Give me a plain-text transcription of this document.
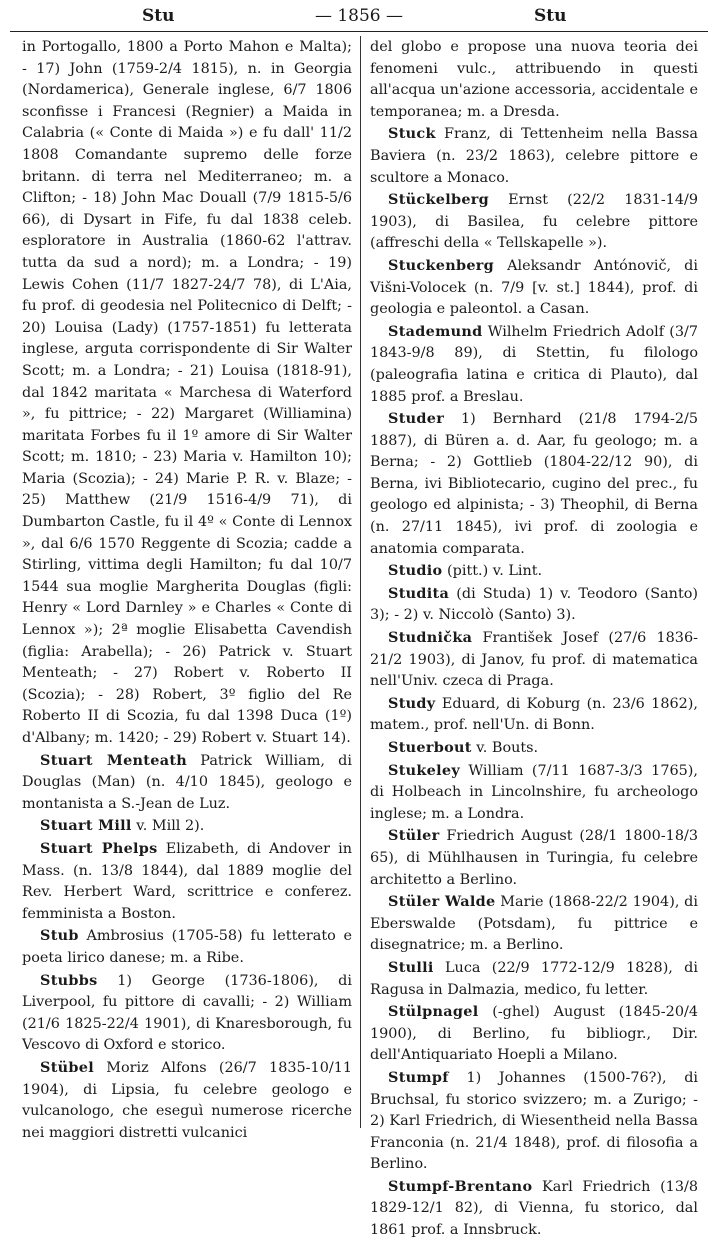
Stu	— 1856 —	Stu

in Portogallo, 1800 a Porto Mahon e Malta); - 17) John (1759-2/4 1815), n. in Georgia (Nordamerica), Generale inglese, 6/7 1806 sconfisse i Francesi (Regnier) a Maida in Calabria (« Conte di Maida ») e fu dall' 11/2 1808 Comandante supremo delle forze britann. di terra nel Mediterraneo; m. a Clifton; - 18) John Mac Douall (7/9 1815-5/6 66), di Dysart in Fife, fu dal 1838 celeb. esploratore in Australia (1860-62 l'attrav. tutta da sud a nord); m. a Londra; - 19) Lewis Cohen (11/7 1827-24/7 78), di L'Aia, fu prof. di geodesia nel Politecnico di Delft; - 20) Louisa (Lady) (1757-1851) fu letterata inglese, arguta corrispondente di Sir Walter Scott; m. a Londra; - 21) Louisa (1818-91), dal 1842 maritata « Marchesa di Waterford », fu pittrice; - 22) Margaret (Williamina) maritata Forbes fu il 1º amore di Sir Walter Scott; m. 1810; - 23) Maria v. Hamilton 10); Maria (Scozia); - 24) Marie P. R. v. Blaze; - 25) Matthew (21/9 1516-4/9 71), di Dumbarton Castle, fu il 4º « Conte di Lennox », dal 6/6 1570 Reggente di Scozia; cadde a Stirling, vittima degli Hamilton; fu dal 10/7 1544 sua moglie Margherita Douglas (figli: Henry « Lord Darnley » e Charles « Conte di Lennox »); 2ª moglie Elisabetta Cavendish (figlia: Arabella); - 26) Patrick v. Stuart Menteath; - 27) Robert v. Roberto II (Scozia); - 28) Robert, 3º figlio del Re Roberto II di Scozia, fu dal 1398 Duca (1º) d'Albany; m. 1420; - 29) Robert v. Stuart 14).

Stuart Menteath Patrick William, di Douglas (Man) (n. 4/10 1845), geologo e montanista a S.-Jean de Luz.

Stuart Mill v. Mill 2).

Stuart Phelps Elizabeth, di Andover in Mass. (n. 13/8 1844), dal 1889 moglie del Rev. Herbert Ward, scrittrice e conferez. femminista a Boston.

Stub Ambrosius (1705-58) fu letterato e poeta lirico danese; m. a Ribe.

Stubbs 1) George (1736-1806), di Liverpool, fu pittore di cavalli; - 2) William (21/6 1825-22/4 1901), di Knaresborough, fu Vescovo di Oxford e storico.

Stübel Moriz Alfons (26/7 1835-10/11 1904), di Lipsia, fu celebre geologo e vulcanologo, che eseguì numerose ricerche nei maggiori distretti vulcanici

del globo e propose una nuova teoria dei fenomeni vulc., attribuendo in questi all'acqua un'azione accessoria, accidentale e temporanea; m. a Dresda.

Stuck Franz, di Tettenheim nella Bassa Baviera (n. 23/2 1863), celebre pittore e scultore a Monaco.

Stückelberg Ernst (22/2 1831-14/9 1903), di Basilea, fu celebre pittore (affreschi della « Tellskapelle »).

Stuckenberg Aleksandr Antónovič, di Višni-Volocek (n. 7/9 [v. st.] 1844), prof. di geologia e paleontol. a Casan.

Stademund Wilhelm Friedrich Adolf (3/7 1843-9/8 89), di Stettin, fu filologo (paleografia latina e critica di Plauto), dal 1885 prof. a Breslau.

Studer 1) Bernhard (21/8 1794-2/5 1887), di Büren a. d. Aar, fu geologo; m. a Berna; - 2) Gottlieb (1804-22/12 90), di Berna, ivi Bibliotecario, cugino del prec., fu geologo ed alpinista; - 3) Theophil, di Berna (n. 27/11 1845), ivi prof. di zoologia e anatomia comparata.

Studio (pitt.) v. Lint.

Studita (di Studa) 1) v. Teodoro (Santo) 3); - 2) v. Niccolò (Santo) 3).

Studnička František Josef (27/6 1836-21/2 1903), di Janov, fu prof. di matematica nell'Univ. czeca di Praga.

Study Eduard, di Koburg (n. 23/6 1862), matem., prof. nell'Un. di Bonn.

Stuerbout v. Bouts.

Stukeley William (7/11 1687-3/3 1765), di Holbeach in Lincolnshire, fu archeologo inglese; m. a Londra.

Stüler Friedrich August (28/1 1800-18/3 65), di Mühlhausen in Turingia, fu celebre architetto a Berlino.

Stüler Walde Marie (1868-22/2 1904), di Eberswalde (Potsdam), fu pittrice e disegnatrice; m. a Berlino.

Stulli Luca (22/9 1772-12/9 1828), di Ragusa in Dalmazia, medico, fu letter.

Stülpnagel (-ghel) August (1845-20/4 1900), di Berlino, fu bibliogr., Dir. dell'Antiquariato Hoepli a Milano.

Stumpf 1) Johannes (1500-76?), di Bruchsal, fu storico svizzero; m. a Zurigo; - 2) Karl Friedrich, di Wiesentheid nella Bassa Franconia (n. 21/4 1848), prof. di filosofia a Berlino.

Stumpf-Brentano Karl Friedrich (13/8 1829-12/1 82), di Vienna, fu storico, dal 1861 prof. a Innsbruck.
